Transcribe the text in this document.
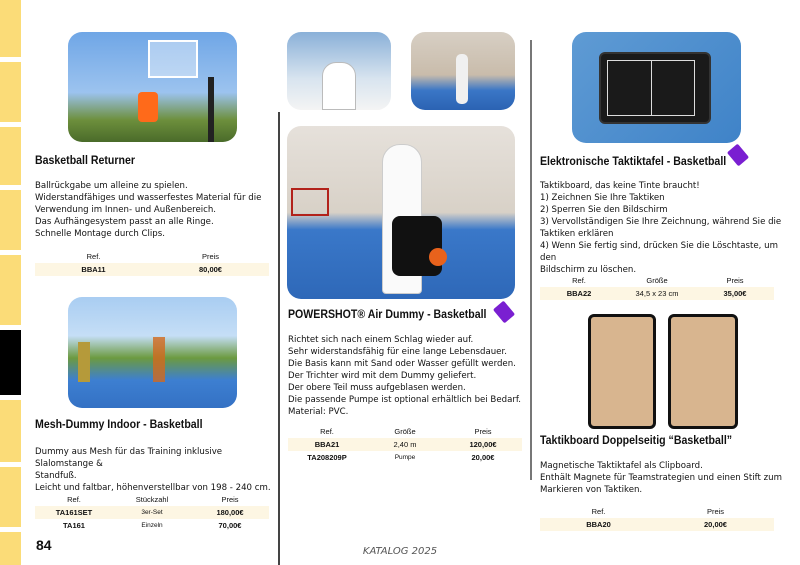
Basketball Returner
Ballrückgabe um alleine zu spielen.
Widerstandfähiges und wasserfestes Material für die
Verwendung im Innen- und Außenbereich.
Das Aufhängesystem passt an alle Ringe.
Schnelle Montage durch Clips.
Ref.	Preis
BBA11	80,00€
Mesh-Dummy Indoor - Basketball
Dummy aus Mesh für das Training inklusive Slalomstange &
Standfuß.
Leicht und faltbar, höhenverstellbar von 198 - 240 cm.
Ref.	Stückzahl	Preis
TA161SET	3er-Set	180,00€
TA161	Einzeln	70,00€
POWERSHOT® Air Dummy - Basketball
Richtet sich nach einem Schlag wieder auf.
Sehr widerstandsfähig für eine lange Lebensdauer.
Die Basis kann mit Sand oder Wasser gefüllt werden.
Der Trichter wird mit dem Dummy geliefert.
Der obere Teil muss aufgeblasen werden.
Die passende Pumpe ist optional erhältlich bei Bedarf.
Material: PVC.
Ref.	Größe	Preis
BBA21	2,40 m	120,00€
TA208209P	Pumpe	20,00€
Elektronische Taktiktafel - Basketball
Taktikboard, das keine Tinte braucht!
1) Zeichnen Sie Ihre Taktiken
2) Sperren Sie den Bildschirm
3) Vervollständigen Sie Ihre Zeichnung, während Sie die
Taktiken erklären
4) Wenn Sie fertig sind, drücken Sie die Löschtaste, um den
Bildschirm zu löschen.
Ref.	Größe	Preis
BBA22	34,5 x 23 cm	35,00€
Taktikboard Doppelseitig “Basketball”
Magnetische Taktiktafel als Clipboard.
Enthält Magnete für Teamstrategien und einen Stift zum
Markieren von Taktiken.
Ref.	Preis
BBA20	20,00€
84	KATALOG 2025
